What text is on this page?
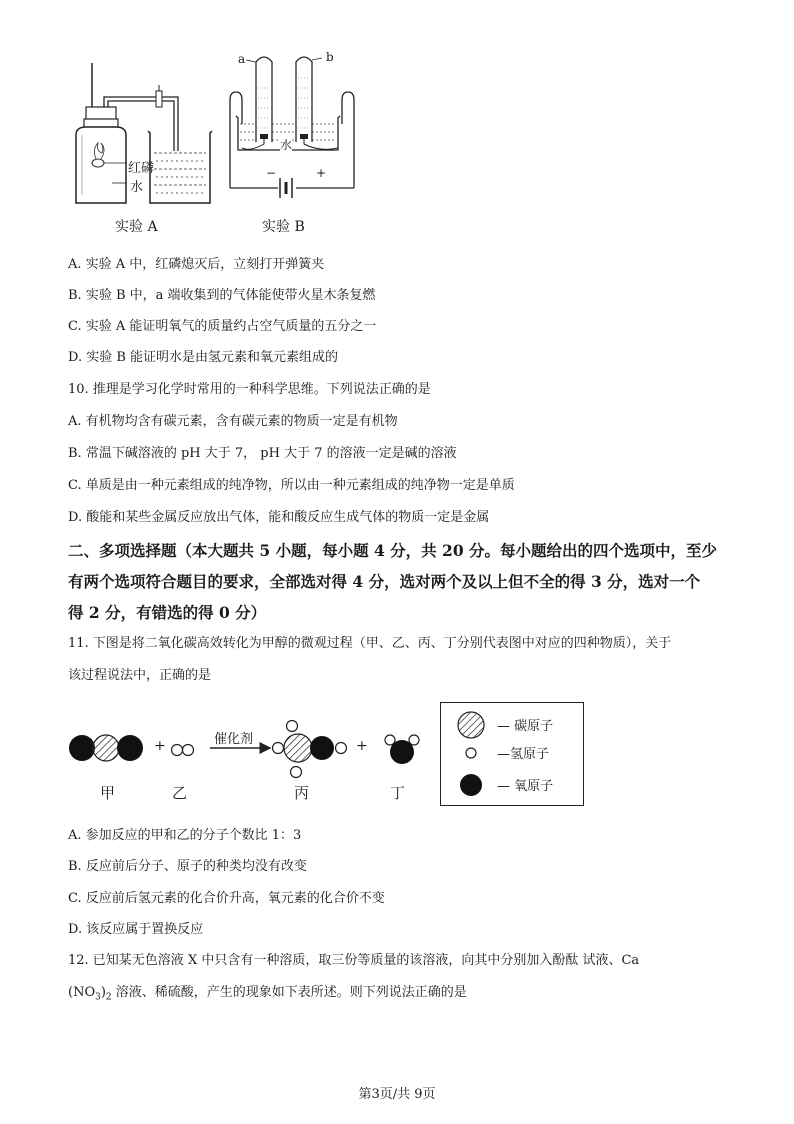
红磷
水
实验 A
a	b
水
−	+
实验 B
A. 实验 A 中，红磷熄灭后，立刻打开弹簧夹
B. 实验 B 中，a 端收集到的气体能使带火星木条复燃
C. 实验 A 能证明氧气的质量约占空气质量的五分之一
D. 实验 B 能证明水是由氢元素和氧元素组成的
10. 推理是学习化学时常用的一种科学思维。下列说法正确的是
A. 有机物均含有碳元素，含有碳元素的物质一定是有机物
B. 常温下碱溶液的 pH 大于 7， pH 大于 7 的溶液一定是碱的溶液
C. 单质是由一种元素组成的纯净物，所以由一种元素组成的纯净物一定是单质
D. 酸能和某些金属反应放出气体，能和酸反应生成气体的物质一定是金属
二、多项选择题（本大题共 5 小题，每小题 4 分，共 20 分。每小题给出的四个选项中，至少
有两个选项符合题目的要求，全部选对得 4 分，选对两个及以上但不全的得 3 分，选对一个
得 2 分，有错选的得 0 分）
11. 下图是将二氧化碳高效转化为甲醇的微观过程（甲、乙、丙、丁分别代表图中对应的四种物质），关于
该过程说法中，正确的是
+	+
催化剂
甲	乙	丙	丁
— 碳原子
—氢原子
— 氧原子
A. 参加反应的甲和乙的分子个数比 1：3
B. 反应前后分子、原子的种类均没有改变
C. 反应前后氢元素的化合价升高，氧元素的化合价不变
D. 该反应属于置换反应
12. 已知某无色溶液 X 中只含有一种溶质，取三份等质量的该溶液，向其中分别加入酚酞 试液、Ca
$(NO_3)_2$ 溶液、稀硫酸，产生的现象如下表所述。则下列说法正确的是
第3页/共 9页
